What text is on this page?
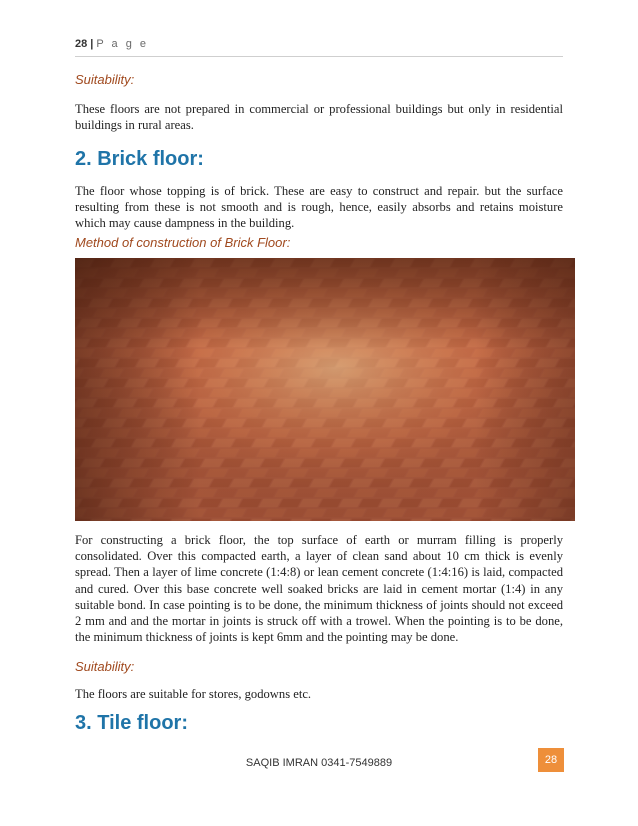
28 | P a g e
Suitability:
These floors are not prepared in commercial or professional buildings but only in residential buildings in rural areas.
2. Brick floor:
The floor whose topping is of brick. These are easy to construct and repair. but the surface resulting from these is not smooth and is rough, hence, easily absorbs and retains moisture which may cause dampness in the building.
Method of construction of Brick Floor:
For constructing a brick floor, the top surface of earth or murram filling is properly consolidated. Over this compacted earth, a layer of clean sand about 10 cm thick is evenly spread. Then a layer of lime concrete (1:4:8) or lean cement concrete (1:4:16) is laid, compacted and cured. Over this base concrete well soaked bricks are laid in cement mortar (1:4) in any suitable bond. In case pointing is to be done, the minimum thickness of joints should not exceed 2 mm and and the mortar in joints is struck off with a trowel. When the pointing is to be done, the minimum thickness of joints is kept 6mm and the pointing may be done.
Suitability:
The floors are suitable for stores, godowns etc.
3. Tile floor:
SAQIB IMRAN 0341-7549889	28
